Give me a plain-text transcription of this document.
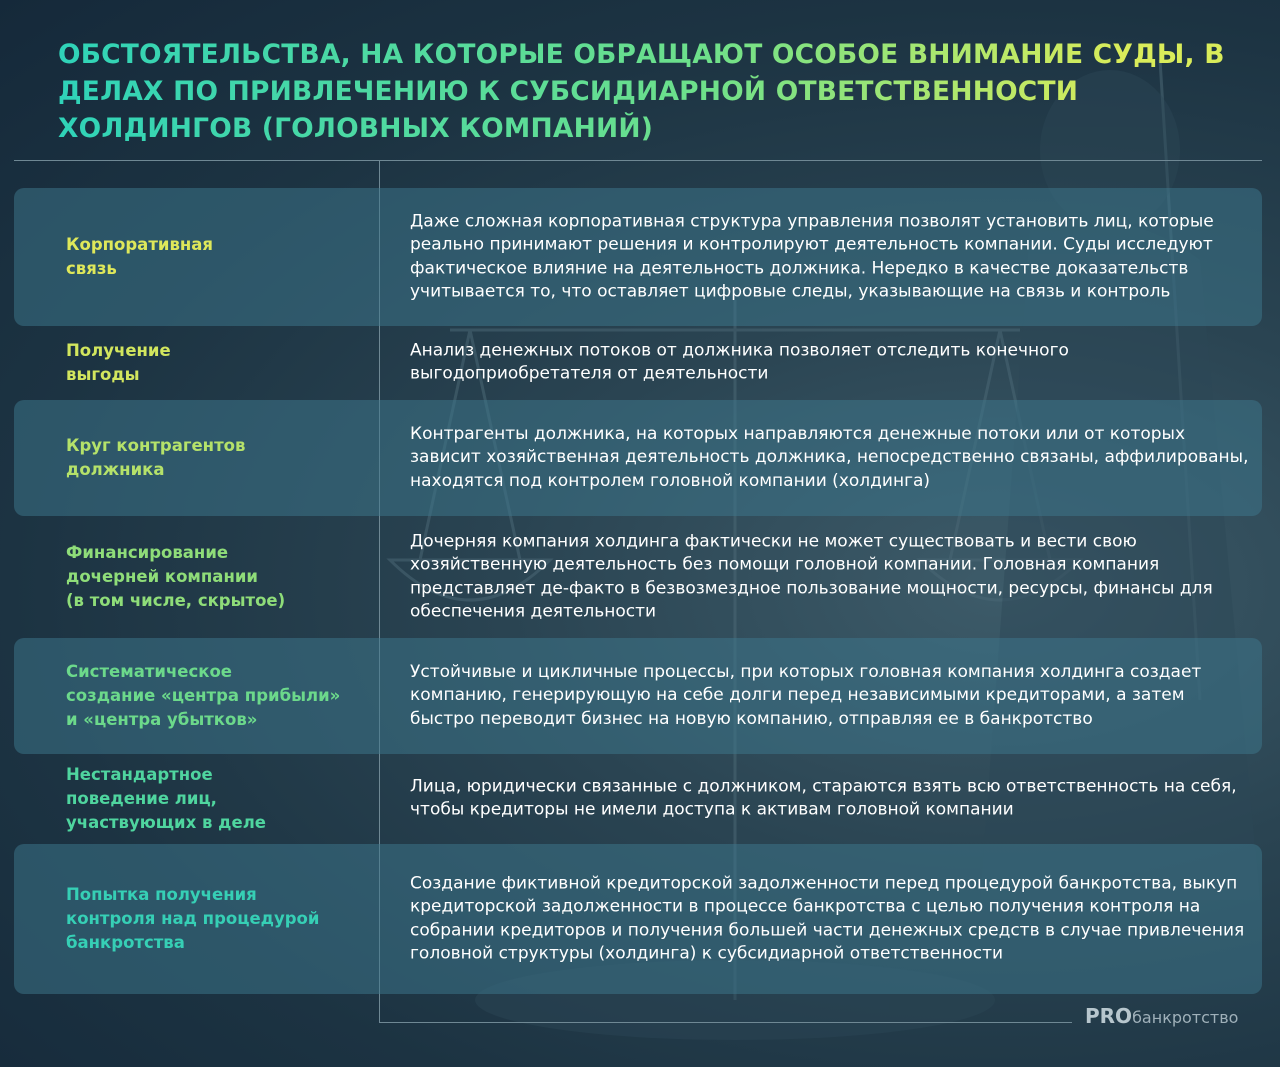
ОБСТОЯТЕЛЬСТВА, НА КОТОРЫЕ ОБРАЩАЮТ ОСОБОЕ ВНИМАНИЕ СУДЫ, В ДЕЛАХ ПО ПРИВЛЕЧЕНИЮ К СУБСИДИАРНОЙ ОТВЕТСТВЕННОСТИ ХОЛДИНГОВ (ГОЛОВНЫХ КОМПАНИЙ)
Корпоративная
связь
Даже сложная корпоративная структура управления позволят установить лиц, которые реально принимают решения и контролируют деятельность компании. Суды исследуют фактическое влияние на деятельность должника. Нередко в качестве доказательств учитывается то, что оставляет цифровые следы, указывающие на связь и контроль
Получение
выгоды
Анализ денежных потоков от должника позволяет отследить конечного выгодоприобретателя от деятельности
Круг контрагентов
должника
Контрагенты должника, на которых направляются денежные потоки или от которых зависит хозяйственная деятельность должника, непосредственно связаны, аффилированы, находятся под контролем головной компании (холдинга)
Финансирование
дочерней компании
(в том числе, скрытое)
Дочерняя компания холдинга фактически не может существовать и вести свою хозяйственную деятельность без помощи головной компании. Головная компания представляет де-факто в безвозмездное пользование мощности, ресурсы, финансы для обеспечения деятельности
Систематическое
создание «центра прибыли»
и «центра убытков»
Устойчивые и цикличные процессы, при которых головная компания холдинга создает компанию, генерирующую на себе долги перед независимыми кредиторами, а затем быстро переводит бизнес на новую компанию, отправляя ее в банкротство
Нестандартное
поведение лиц,
участвующих в деле
Лица, юридически связанные с должником, стараются взять всю ответственность на себя, чтобы кредиторы не имели доступа к активам головной компании
Попытка получения
контроля над процедурой
банкротства
Создание фиктивной кредиторской задолженности перед процедурой банкротства, выкуп кредиторской задолженности в процессе банкротства с целью получения контроля на собрании кредиторов и получения большей части денежных средств в случае привлечения головной структуры (холдинга) к субсидиарной ответственности
PROбанкротство
